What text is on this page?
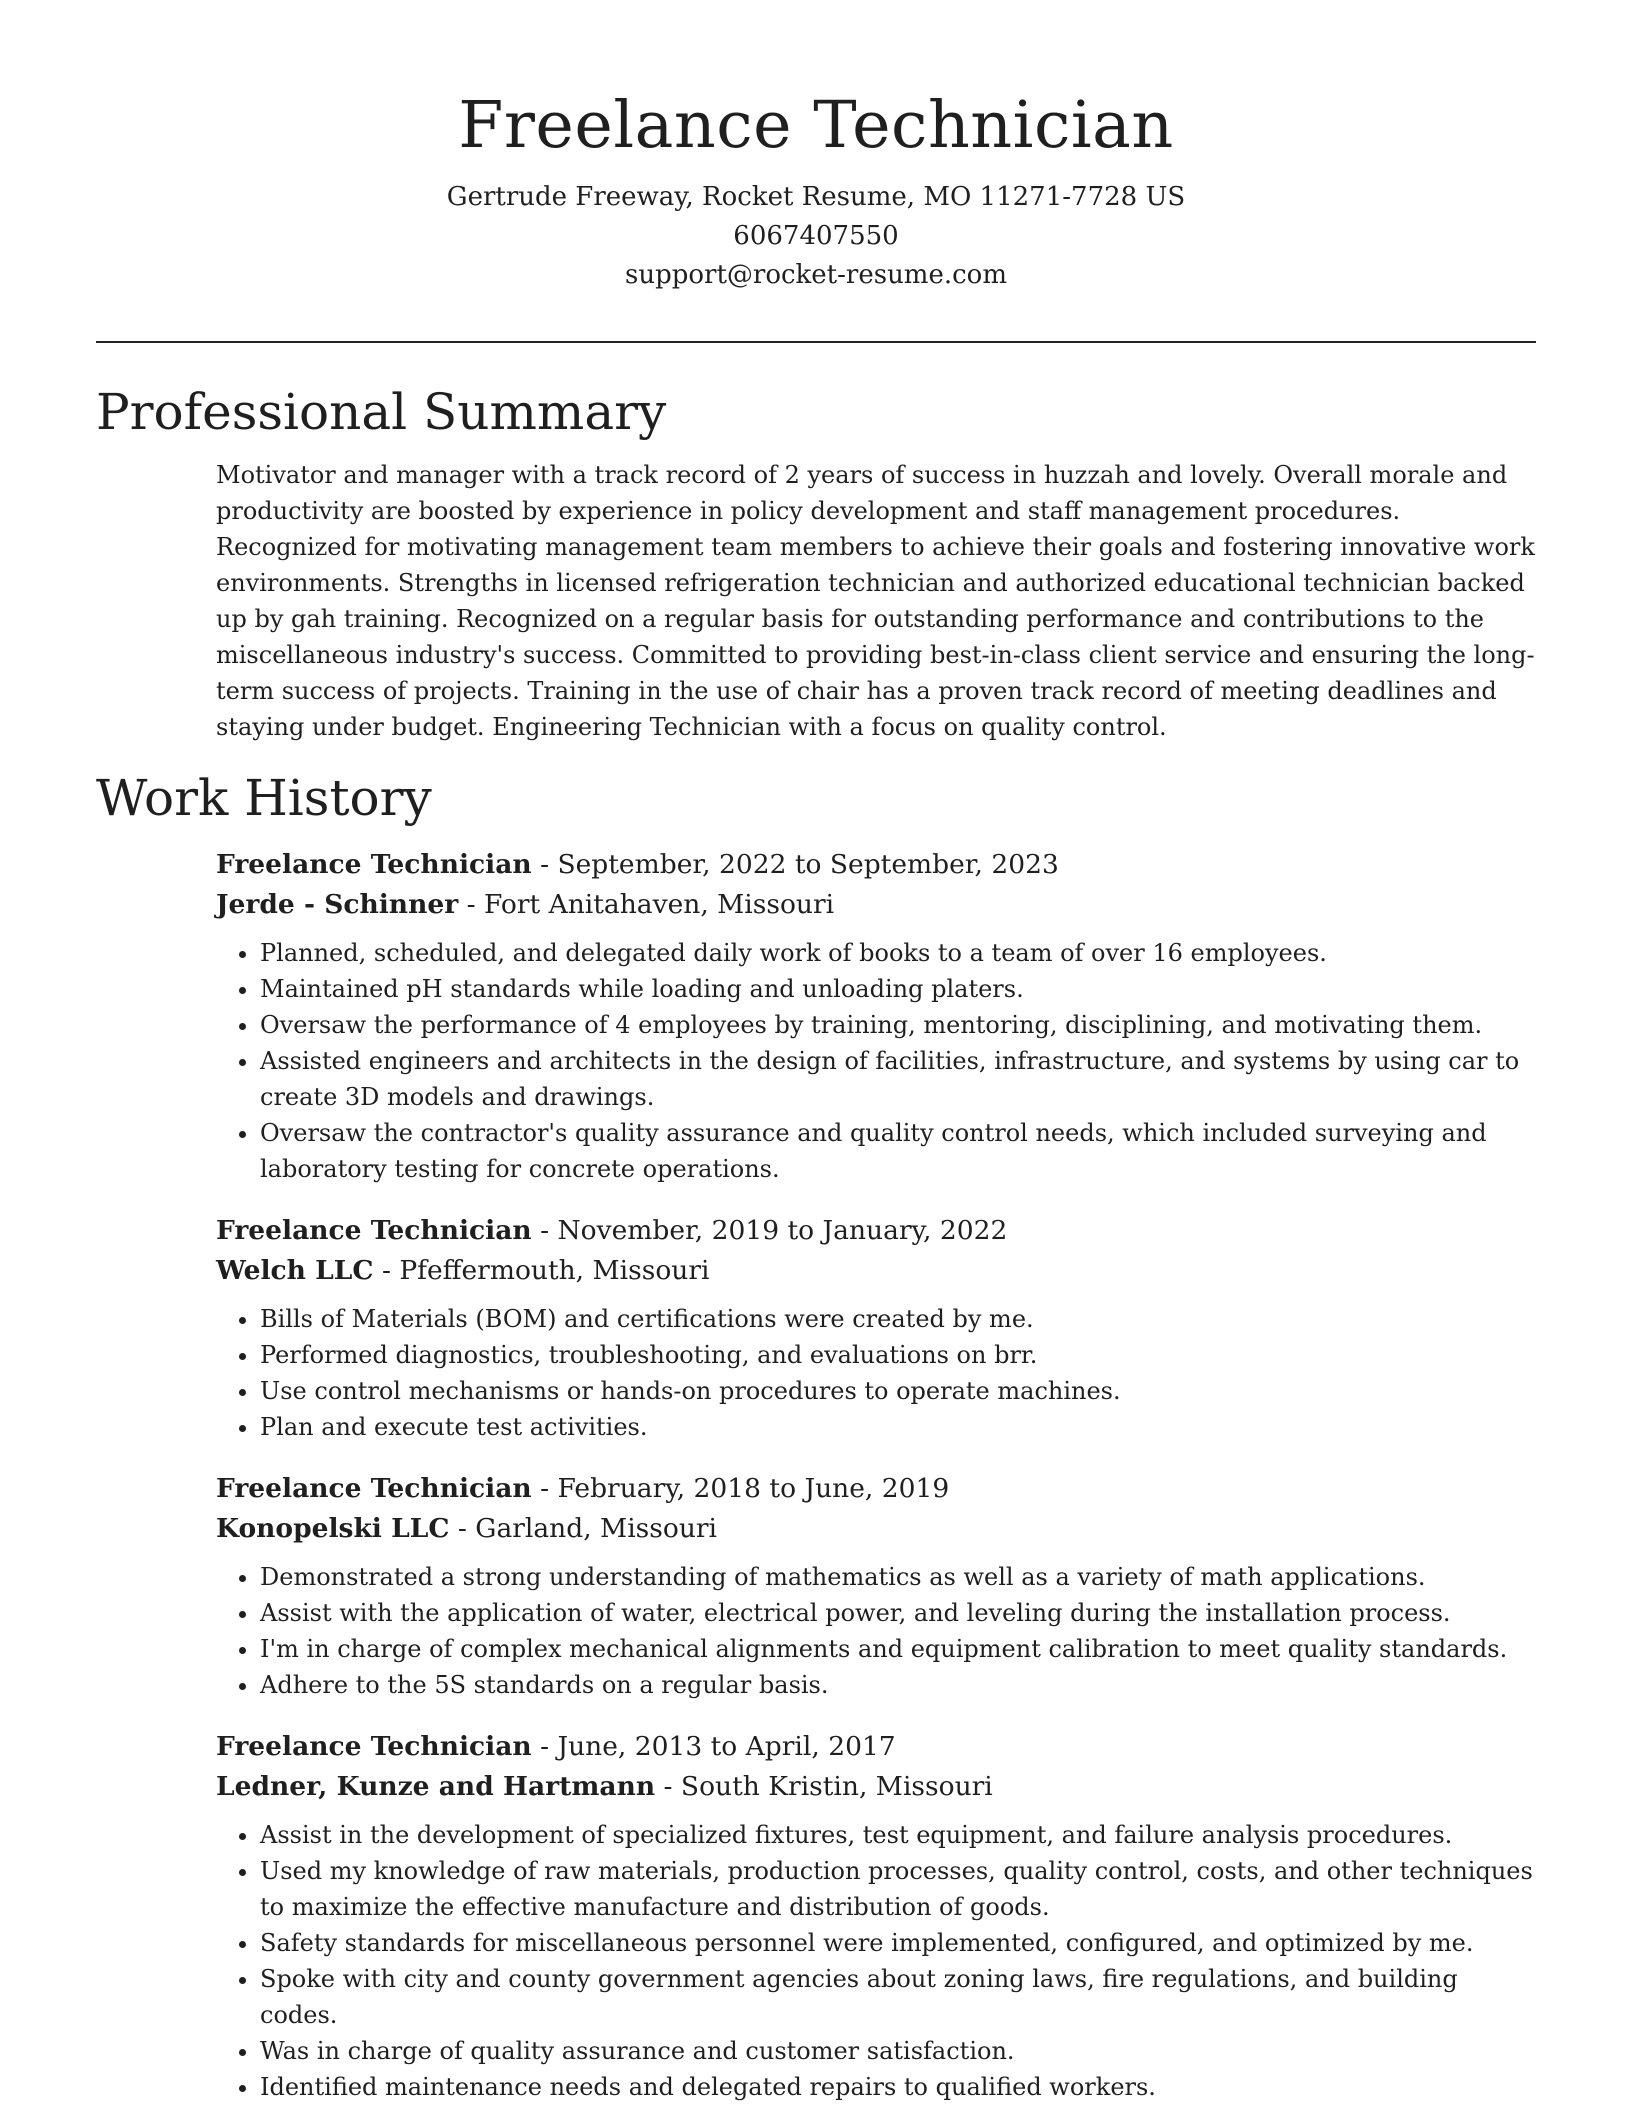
Freelance Technician
Gertrude Freeway, Rocket Resume, MO 11271-7728 US
6067407550
support@rocket-resume.com
Professional Summary
Motivator and manager with a track record of 2 years of success in huzzah and lovely. Overall morale and productivity are boosted by experience in policy development and staff management procedures. Recognized for motivating management team members to achieve their goals and fostering innovative work environments. Strengths in licensed refrigeration technician and authorized educational technician backed up by gah training. Recognized on a regular basis for outstanding performance and contributions to the miscellaneous industry's success. Committed to providing best-in-class client service and ensuring the long-term success of projects. Training in the use of chair has a proven track record of meeting deadlines and staying under budget. Engineering Technician with a focus on quality control.
Work History
Freelance Technician - September, 2022 to September, 2023
Jerde - Schinner - Fort Anitahaven, Missouri
• Planned, scheduled, and delegated daily work of books to a team of over 16 employees.
• Maintained pH standards while loading and unloading platers.
• Oversaw the performance of 4 employees by training, mentoring, disciplining, and motivating them.
• Assisted engineers and architects in the design of facilities, infrastructure, and systems by using car to create 3D models and drawings.
• Oversaw the contractor's quality assurance and quality control needs, which included surveying and laboratory testing for concrete operations.
Freelance Technician - November, 2019 to January, 2022
Welch LLC - Pfeffermouth, Missouri
• Bills of Materials (BOM) and certifications were created by me.
• Performed diagnostics, troubleshooting, and evaluations on brr.
• Use control mechanisms or hands-on procedures to operate machines.
• Plan and execute test activities.
Freelance Technician - February, 2018 to June, 2019
Konopelski LLC - Garland, Missouri
• Demonstrated a strong understanding of mathematics as well as a variety of math applications.
• Assist with the application of water, electrical power, and leveling during the installation process.
• I'm in charge of complex mechanical alignments and equipment calibration to meet quality standards.
• Adhere to the 5S standards on a regular basis.
Freelance Technician - June, 2013 to April, 2017
Ledner, Kunze and Hartmann - South Kristin, Missouri
• Assist in the development of specialized fixtures, test equipment, and failure analysis procedures.
• Used my knowledge of raw materials, production processes, quality control, costs, and other techniques to maximize the effective manufacture and distribution of goods.
• Safety standards for miscellaneous personnel were implemented, configured, and optimized by me.
• Spoke with city and county government agencies about zoning laws, fire regulations, and building codes.
• Was in charge of quality assurance and customer satisfaction.
• Identified maintenance needs and delegated repairs to qualified workers.
